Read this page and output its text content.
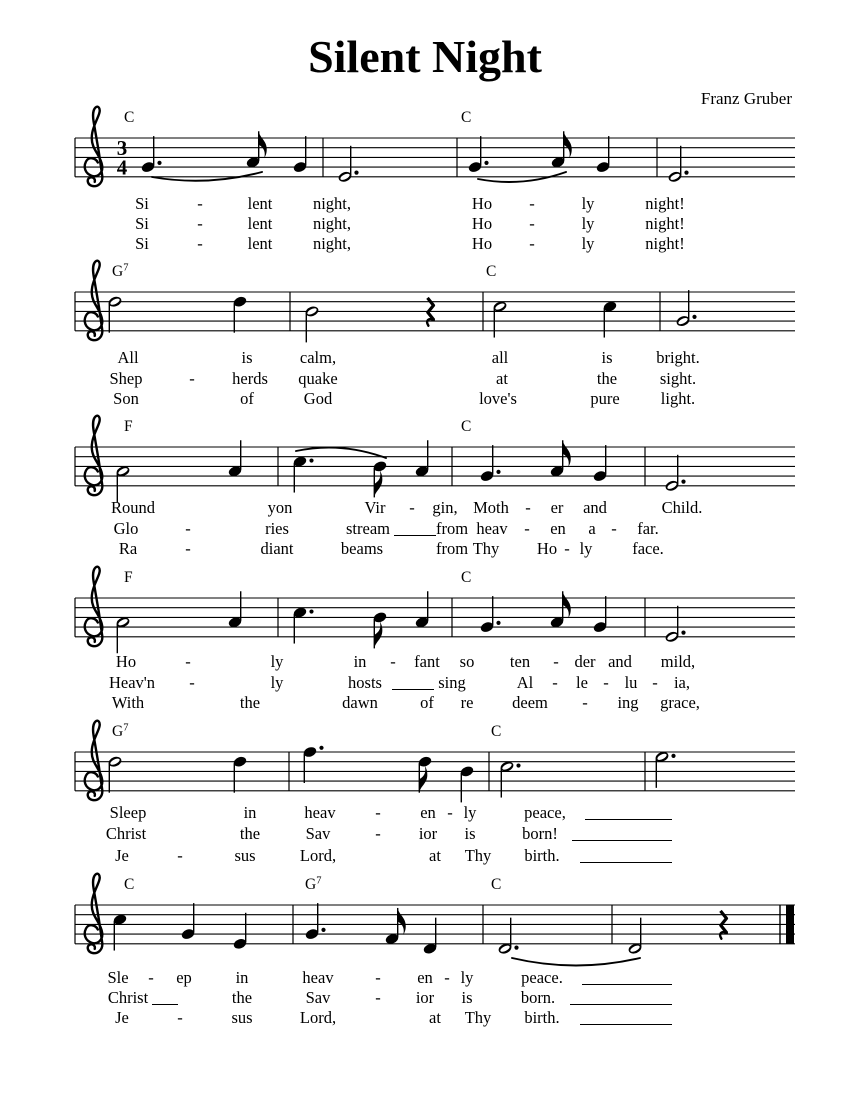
Silent Night
Franz Gruber
3
4
C	C
Si	-	lent night,	Ho -	ly	night!
Si	-	lent night,	Ho -	ly	night!
Si	-	lent night,	Ho -	ly	night!
$G^7$	C
All	is	calm,	all	is	bright.
Shep	- herds quake	at	the	sight.
Son	of	God	love's	pure light.
F	C
Round	yon	Vir - gin, Moth - er and	Child.
Glo	-	ries	stream	from heav - en a - far.
Ra	-	diant	beams	from Thy Ho - ly face.
F	C
Ho	-	ly	in - fant so ten - der and mild,
Heav'n -	ly	hosts	sing	Al - le - lu - ia,
With	the	dawn	of re deem - ing grace,
$G^7$	C
Sleep	in	heav - en - ly	peace,
Christ	the	Sav	- ior is	born!
Je	-	sus	Lord,	at Thy birth.
C	$G^7$	C
Sle - ep	in	heav	- en - ly	peace.
Christ	the	Sav	- ior is	born.
Je	-	sus	Lord,	at Thy birth.
